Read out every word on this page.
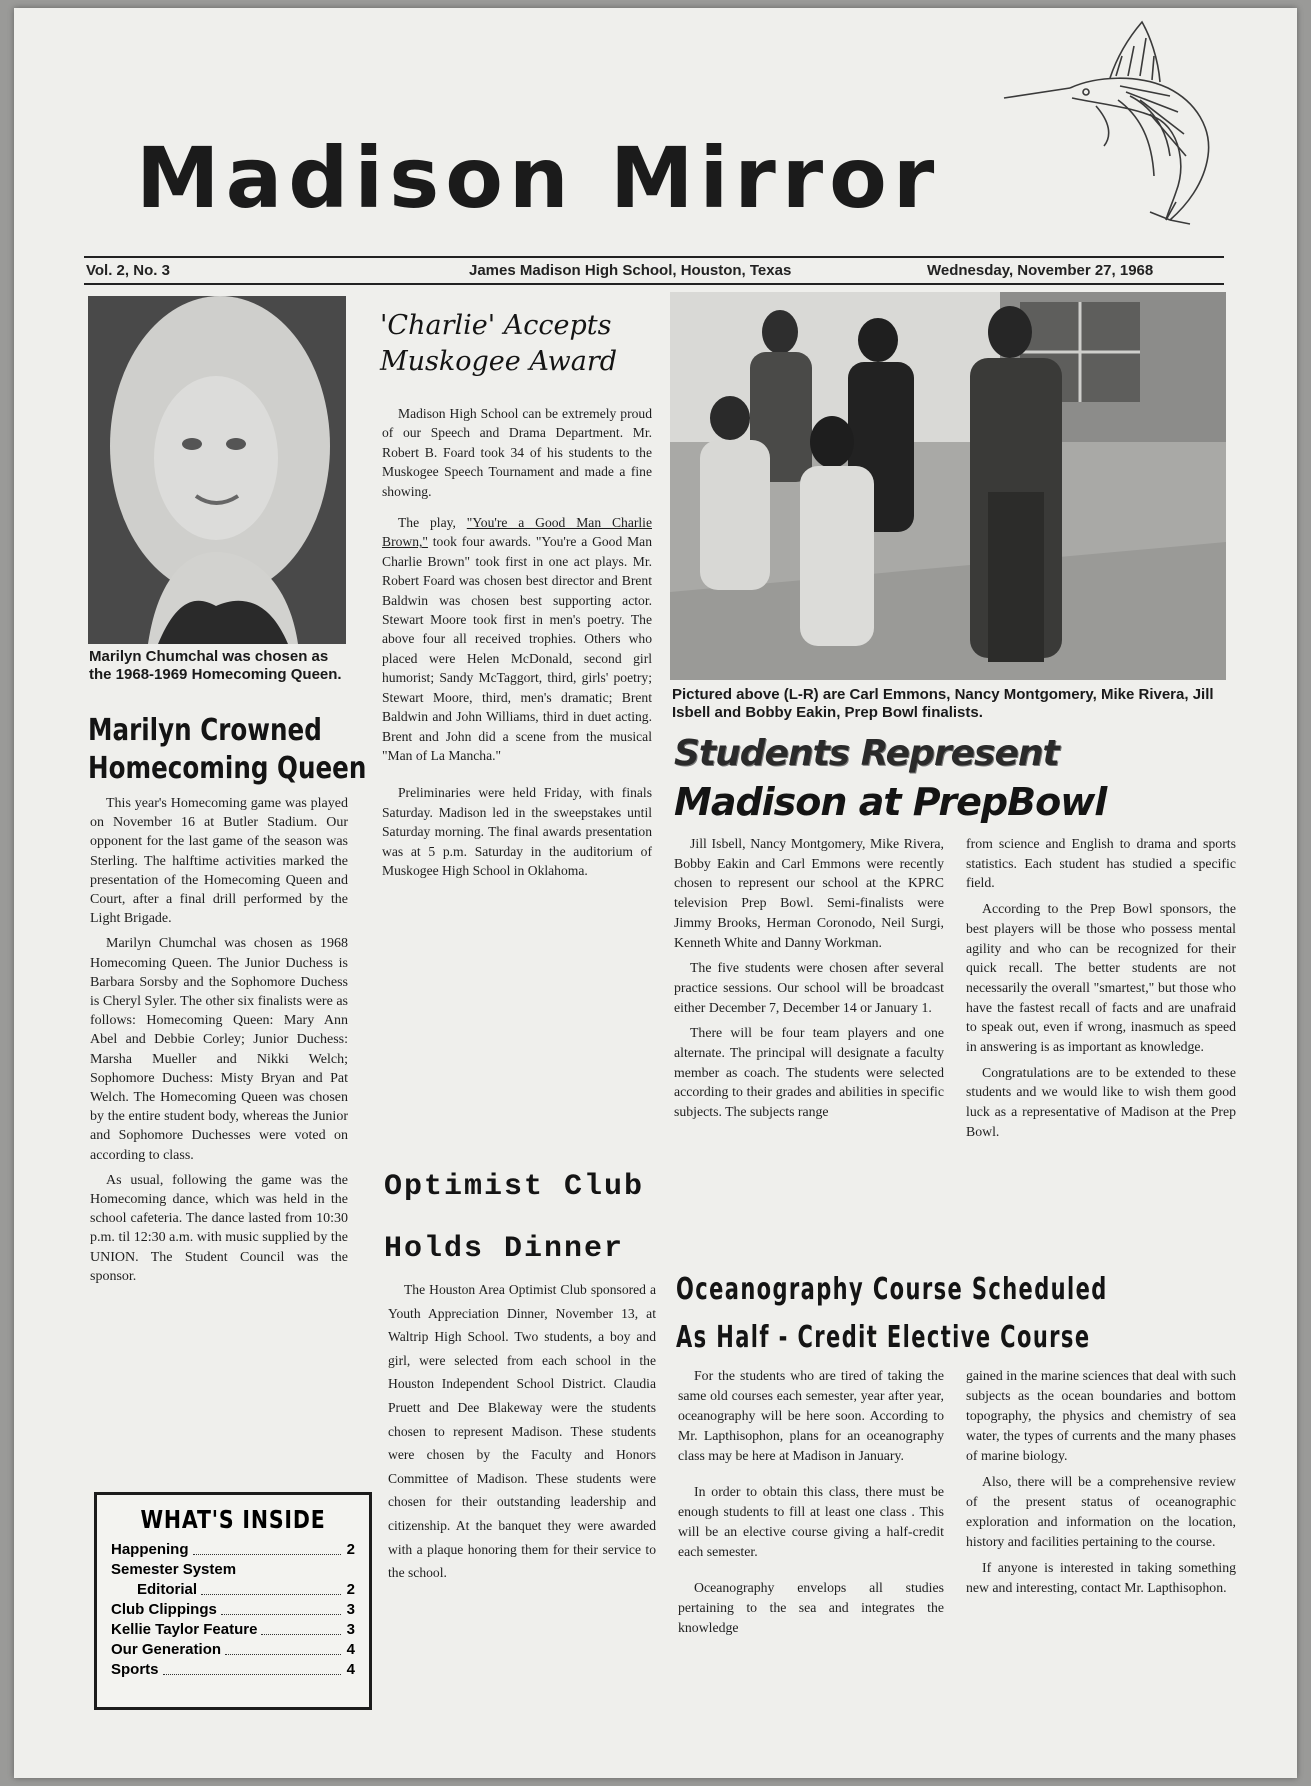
Madison Mirror
Vol. 2, No. 3	James Madison High School, Houston, Texas	Wednesday, November 27, 1968
Marilyn Chumchal was chosen as the 1968-1969 Homecoming Queen.
Marilyn Crowned
Homecoming Queen

This year's Homecoming game was played on November 16 at Butler Stadium. Our opponent for the last game of the season was Sterling. The halftime activities marked the presentation of the Homecoming Queen and Court, after a final drill performed by the Light Brigade.

Marilyn Chumchal was chosen as 1968 Homecoming Queen. The Junior Duchess is Barbara Sorsby and the Sophomore Duchess is Cheryl Syler. The other six finalists were as follows: Homecoming Queen: Mary Ann Abel and Debbie Corley; Junior Duchess: Marsha Mueller and Nikki Welch; Sophomore Duchess: Misty Bryan and Pat Welch. The Homecoming Queen was chosen by the entire student body, whereas the Junior and Sophomore Duchesses were voted on according to class.

As usual, following the game was the Homecoming dance, which was held in the school cafeteria. The dance lasted from 10:30 p.m. til 12:30 a.m. with music supplied by the UNION. The Student Council was the sponsor.

WHAT'S INSIDE
Happening	2
Semester System
Editorial	2
Club Clippings	3
Kellie Taylor Feature	3
Our Generation	4
Sports	4
'Charlie' Accepts
Muskogee Award

Madison High School can be extremely proud of our Speech and Drama Department. Mr. Robert B. Foard took 34 of his students to the Muskogee Speech Tournament and made a fine showing.

The play, "You're a Good Man Charlie Brown," took four awards. "You're a Good Man Charlie Brown" took first in one act plays. Mr. Robert Foard was chosen best director and Brent Baldwin was chosen best supporting actor. Stewart Moore took first in men's poetry. The above four all received trophies. Others who placed were Helen McDonald, second girl humorist; Sandy McTaggort, third, girls' poetry; Stewart Moore, third, men's dramatic; Brent Baldwin and John Williams, third in duet acting. Brent and John did a scene from the musical "Man of La Mancha."

Preliminaries were held Friday, with finals Saturday. Madison led in the sweepstakes until Saturday morning. The final awards presentation was at 5 p.m. Saturday in the auditorium of Muskogee High School in Oklahoma.

Optimist Club
Holds Dinner

The Houston Area Optimist Club sponsored a Youth Appreciation Dinner, November 13, at Waltrip High School. Two students, a boy and girl, were selected from each school in the Houston Independent School District. Claudia Pruett and Dee Blakeway were the students chosen to represent Madison. These students were chosen by the Faculty and Honors Committee of Madison. These students were chosen for their outstanding leadership and citizenship. At the banquet they were awarded with a plaque honoring them for their service to the school.

Pictured above (L-R) are Carl Emmons, Nancy Montgomery, Mike Rivera, Jill Isbell and Bobby Eakin, Prep Bowl finalists.
Students Represent
Madison at PrepBowl

Jill Isbell, Nancy Montgomery, Mike Rivera, Bobby Eakin and Carl Emmons were recently chosen to represent our school at the KPRC television Prep Bowl. Semi-finalists were Jimmy Brooks, Herman Coronodo, Neil Surgi, Kenneth White and Danny Workman.

The five students were chosen after several practice sessions. Our school will be broadcast either December 7, December 14 or January 1.

There will be four team players and one alternate. The principal will designate a faculty member as coach. The students were selected according to their grades and abilities in specific subjects. The subjects range

from science and English to drama and sports statistics. Each student has studied a specific field.

According to the Prep Bowl sponsors, the best players will be those who possess mental agility and who can be recognized for their quick recall. The better students are not necessarily the overall "smartest," but those who have the fastest recall of facts and are unafraid to speak out, even if wrong, inasmuch as speed in answering is as important as knowledge.

Congratulations are to be extended to these students and we would like to wish them good luck as a representative of Madison at the Prep Bowl.

Oceanography Course Scheduled
As Half - Credit Elective Course

For the students who are tired of taking the same old courses each semester, year after year, oceanography will be here soon. According to Mr. Lapthisophon, plans for an oceanography class may be here at Madison in January.

In order to obtain this class, there must be enough students to fill at least one class . This will be an elective course giving a half-credit each semester.

Oceanography envelops all studies pertaining to the sea and integrates the knowledge

gained in the marine sciences that deal with such subjects as the ocean boundaries and bottom topography, the physics and chemistry of sea water, the types of currents and the many phases of marine biology.

Also, there will be a comprehensive review of the present status of oceanographic exploration and information on the location, history and facilities pertaining to the course.

If anyone is interested in taking something new and interesting, contact Mr. Lapthisophon.
